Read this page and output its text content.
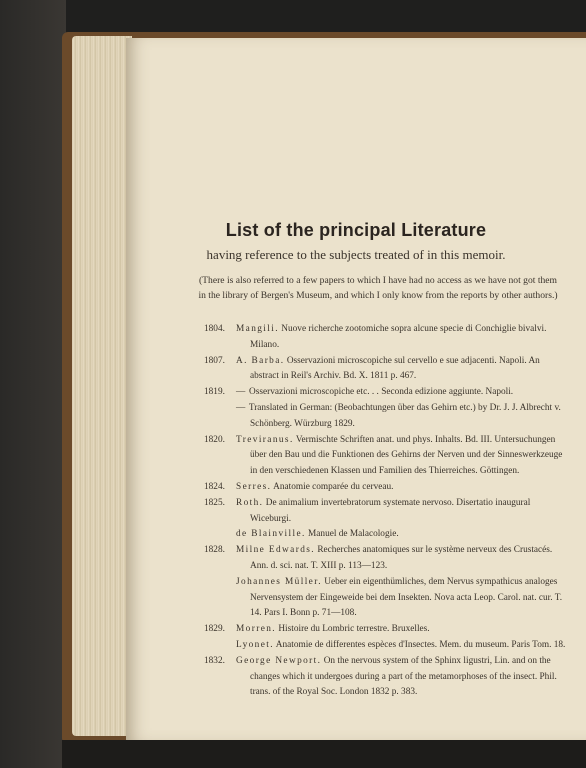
List of the principal Literature
having reference to the subjects treated of in this memoir.
(There is also referred to a few papers to which I have had no access as we have not got them in the library of Bergen's Museum, and which I only know from the reports by other authors.)
1804.	Mangili. Nuove richerche zootomiche sopra alcune specie di Conchiglie bivalvi. Milano.
1807.	A. Barba. Osservazioni microscopiche sul cervello e sue adjacenti. Napoli. An abstract in Reil's Archiv. Bd. X. 1811 p. 467.
1819.	— Osservazioni microscopiche etc. . . Seconda edizione aggiunte. Napoli.
— Translated in German: (Beobachtungen über das Gehirn etc.) by Dr. J. J. Albrecht v. Schönberg. Würzburg 1829.
1820.	Treviranus. Vermischte Schriften anat. und phys. Inhalts. Bd. III. Untersuchungen über den Bau und die Funktionen des Gehirns der Nerven und der Sinneswerkzeuge in den verschiedenen Klassen und Familien des Thierreiches. Göttingen.
1824.	Serres. Anatomie comparée du cerveau.
1825.	Roth. De animalium invertebratorum systemate nervoso. Disertatio inaugural Wiceburgi.
de Blainville. Manuel de Malacologie.
1828.	Milne Edwards. Recherches anatomiques sur le système nerveux des Crustacés. Ann. d. sci. nat. T. XIII p. 113—123.
Johannes Müller. Ueber ein eigenthümliches, dem Nervus sympathicus analoges Nervensystem der Eingeweide bei dem Insekten. Nova acta Leop. Carol. nat. cur. T. 14. Pars I. Bonn p. 71—108.
1829.	Morren. Histoire du Lombric terrestre. Bruxelles.
Lyonet. Anatomie de differentes espèces d'Insectes. Mem. du museum. Paris Tom. 18.
1832.	George Newport. On the nervous system of the Sphinx ligustri, Lin. and on the changes which it undergoes during a part of the metamorphoses of the insect. Phil. trans. of the Royal Soc. London 1832 p. 383.
